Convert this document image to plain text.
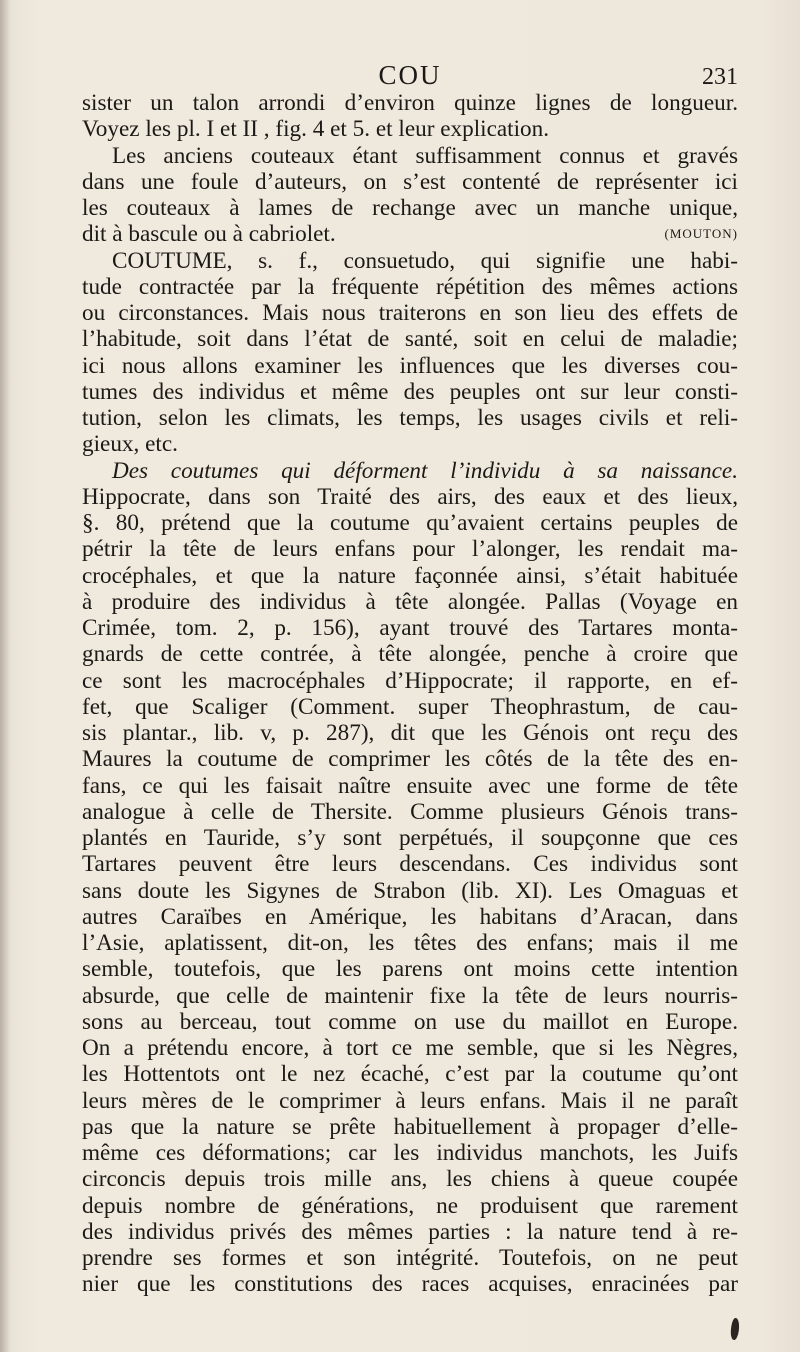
COU	231
sister un talon arrondi d’environ quinze lignes de longueur.
Voyez les pl. I et II , fig. 4 et 5. et leur explication.
Les anciens couteaux étant suffisamment connus et gravés
dans une foule d’auteurs, on s’est contenté de représenter ici
les couteaux à lames de rechange avec un manche unique,
dit à bascule ou à cabriolet.	(MOUTON)
COUTUME, s. f., consuetudo, qui signifie une habi-
tude contractée par la fréquente répétition des mêmes actions
ou circonstances. Mais nous traiterons en son lieu des effets de
l’habitude, soit dans l’état de santé, soit en celui de maladie;
ici nous allons examiner les influences que les diverses cou-
tumes des individus et même des peuples ont sur leur consti-
tution, selon les climats, les temps, les usages civils et reli-
gieux, etc.
Des coutumes qui déforment l’individu à sa naissance.
Hippocrate, dans son Traité des airs, des eaux et des lieux,
§. 80, prétend que la coutume qu’avaient certains peuples de
pétrir la tête de leurs enfans pour l’alonger, les rendait ma-
crocéphales, et que la nature façonnée ainsi, s’était habituée
à produire des individus à tête alongée. Pallas (Voyage en
Crimée, tom. 2, p. 156), ayant trouvé des Tartares monta-
gnards de cette contrée, à tête alongée, penche à croire que
ce sont les macrocéphales d’Hippocrate; il rapporte, en ef-
fet, que Scaliger (Comment. super Theophrastum, de cau-
sis plantar., lib. v, p. 287), dit que les Génois ont reçu des
Maures la coutume de comprimer les côtés de la tête des en-
fans, ce qui les faisait naître ensuite avec une forme de tête
analogue à celle de Thersite. Comme plusieurs Génois trans-
plantés en Tauride, s’y sont perpétués, il soupçonne que ces
Tartares peuvent être leurs descendans. Ces individus sont
sans doute les Sigynes de Strabon (lib. XI). Les Omaguas et
autres Caraïbes en Amérique, les habitans d’Aracan, dans
l’Asie, aplatissent, dit-on, les têtes des enfans; mais il me
semble, toutefois, que les parens ont moins cette intention
absurde, que celle de maintenir fixe la tête de leurs nourris-
sons au berceau, tout comme on use du maillot en Europe.
On a prétendu encore, à tort ce me semble, que si les Nègres,
les Hottentots ont le nez écaché, c’est par la coutume qu’ont
leurs mères de le comprimer à leurs enfans. Mais il ne paraît
pas que la nature se prête habituellement à propager d’elle-
même ces déformations; car les individus manchots, les Juifs
circoncis depuis trois mille ans, les chiens à queue coupée
depuis nombre de générations, ne produisent que rarement
des individus privés des mêmes parties : la nature tend à re-
prendre ses formes et son intégrité. Toutefois, on ne peut
nier que les constitutions des races acquises, enracinées par
